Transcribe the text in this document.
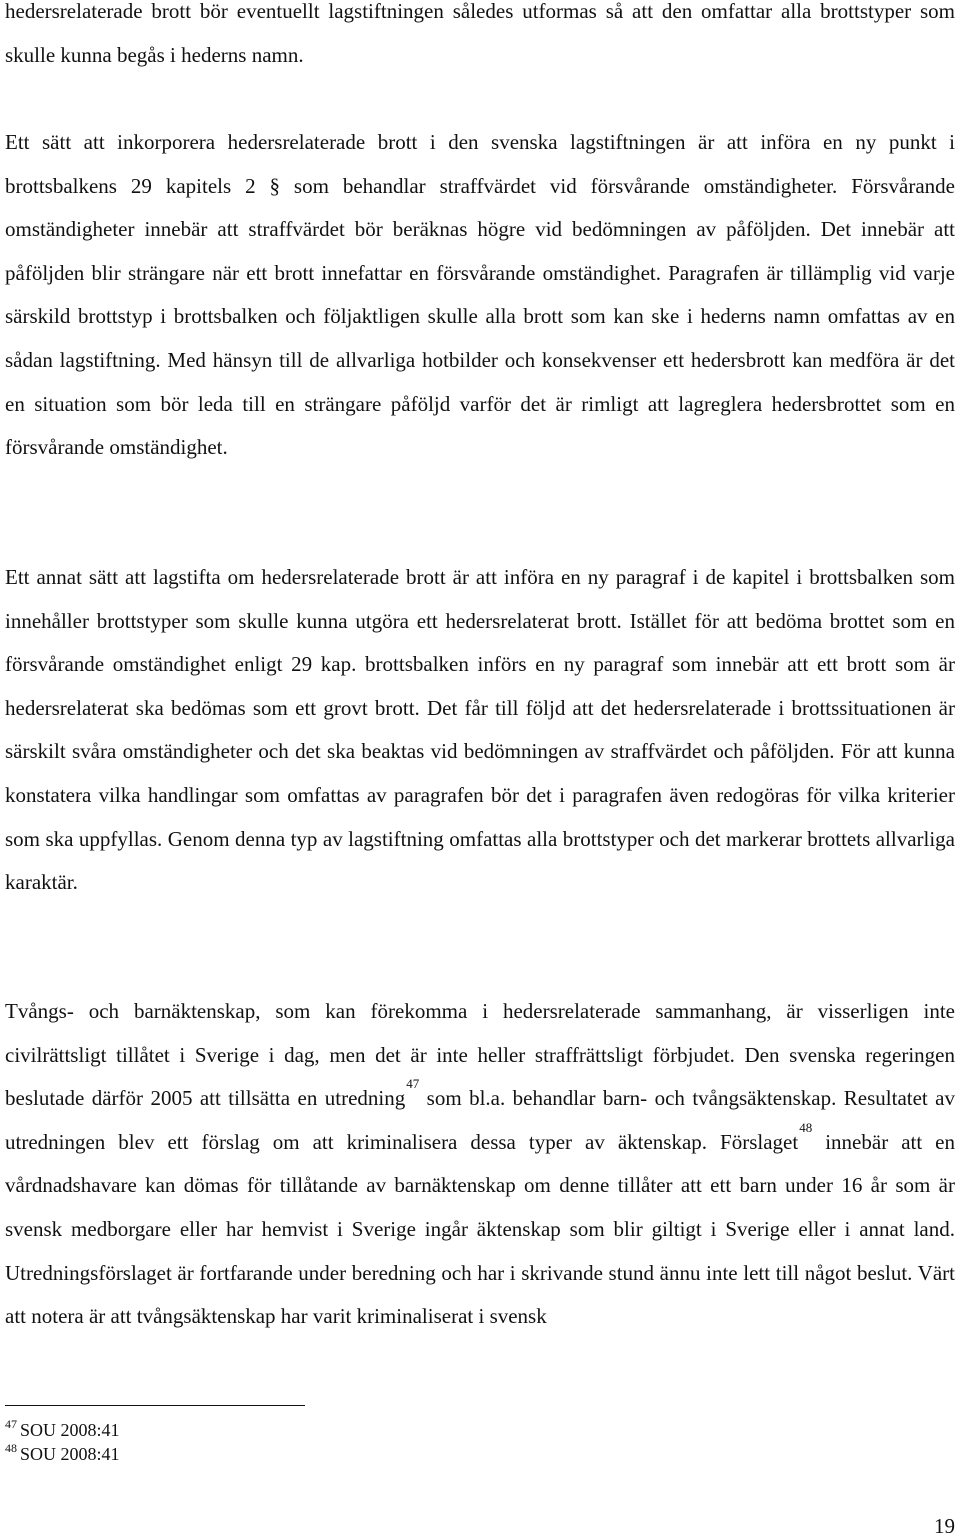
hedersrelaterade brott bör eventuellt lagstiftningen således utformas så att den omfattar alla brottstyper som skulle kunna begås i hederns namn.

Ett sätt att inkorporera hedersrelaterade brott i den svenska lagstiftningen är att införa en ny punkt i brottsbalkens 29 kapitels 2 § som behandlar straffvärdet vid försvårande omständigheter. Försvårande omständigheter innebär att straffvärdet bör beräknas högre vid bedömningen av påföljden. Det innebär att påföljden blir strängare när ett brott innefattar en försvårande omständighet. Paragrafen är tillämplig vid varje särskild brottstyp i brottsbalken och följaktligen skulle alla brott som kan ske i hederns namn omfattas av en sådan lagstiftning. Med hänsyn till de allvarliga hotbilder och konsekvenser ett hedersbrott kan medföra är det en situation som bör leda till en strängare påföljd varför det är rimligt att lagreglera hedersbrottet som en försvårande omständighet.

Ett annat sätt att lagstifta om hedersrelaterade brott är att införa en ny paragraf i de kapitel i brottsbalken som innehåller brottstyper som skulle kunna utgöra ett hedersrelaterat brott. Istället för att bedöma brottet som en försvårande omständighet enligt 29 kap. brottsbalken införs en ny paragraf som innebär att ett brott som är hedersrelaterat ska bedömas som ett grovt brott. Det får till följd att det hedersrelaterade i brottssituationen är särskilt svåra omständigheter och det ska beaktas vid bedömningen av straffvärdet och påföljden. För att kunna konstatera vilka handlingar som omfattas av paragrafen bör det i paragrafen även redogöras för vilka kriterier som ska uppfyllas. Genom denna typ av lagstiftning omfattas alla brottstyper och det markerar brottets allvarliga karaktär.

Tvångs- och barnäktenskap, som kan förekomma i hedersrelaterade sammanhang, är visserligen inte civilrättsligt tillåtet i Sverige i dag, men det är inte heller straffrättsligt förbjudet. Den svenska regeringen beslutade därför 2005 att tillsätta en utredning$^{47}$ som bl.a. behandlar barn- och tvångsäktenskap. Resultatet av utredningen blev ett förslag om att kriminalisera dessa typer av äktenskap. Förslaget$^{48}$ innebär att en vårdnadshavare kan dömas för tillåtande av barnäktenskap om denne tillåter att ett barn under 16 år som är svensk medborgare eller har hemvist i Sverige ingår äktenskap som blir giltigt i Sverige eller i annat land. Utredningsförslaget är fortfarande under beredning och har i skrivande stund ännu inte lett till något beslut. Värt att notera är att tvångsäktenskap har varit kriminaliserat i svensk

$^{47}$ SOU 2008:41

$^{48}$ SOU 2008:41

19
